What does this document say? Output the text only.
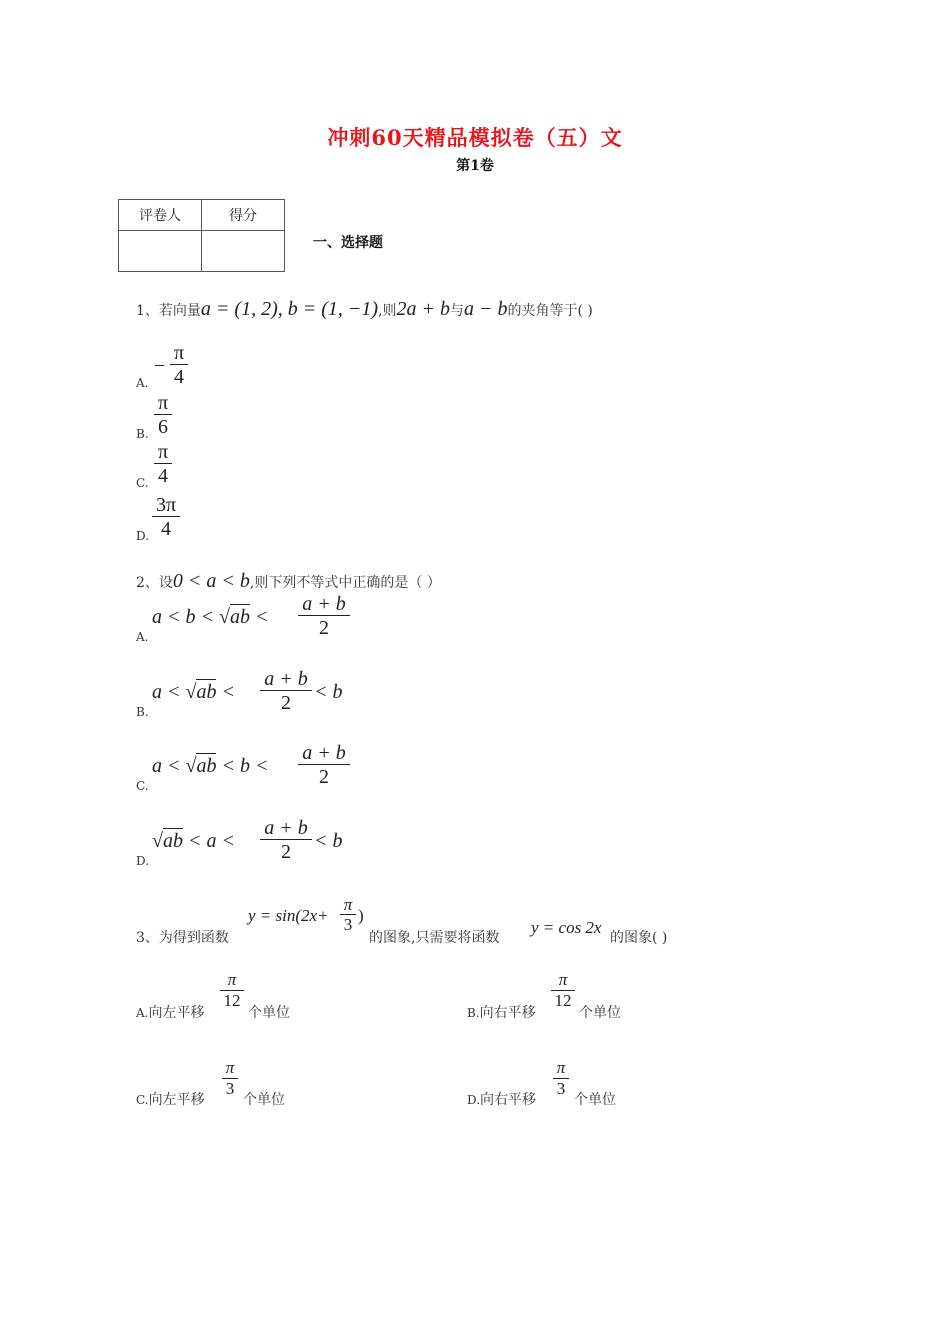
冲刺60天精品模拟卷（五）文
第1卷
评卷人	得分

一、选择题
1、若向量a = (1, 2), b = (1, −1),则2a + b与a − b的夹角等于( )
A.
−
π
4
B.
π
6
C.
π
4
D.
3π
4
2、设0 < a < b,则下列不等式中正确的是（ ）
A.
a < b < √ab <
a + b
2
B.
a < √ab <
a + b
2	< b
C.
a < √ab < b <
a + b
2
D.
√ab < a <
a + b
2	< b
3、为得到函数
y = sin(2x+
π
3 )
的图象,只需要将函数
y = cos 2x
的图象( )
A.向左平移
π
12
个单位	B.向右平移
π
12
个单位
C.向左平移
π
3
个单位	D.向右平移
π
3
个单位
